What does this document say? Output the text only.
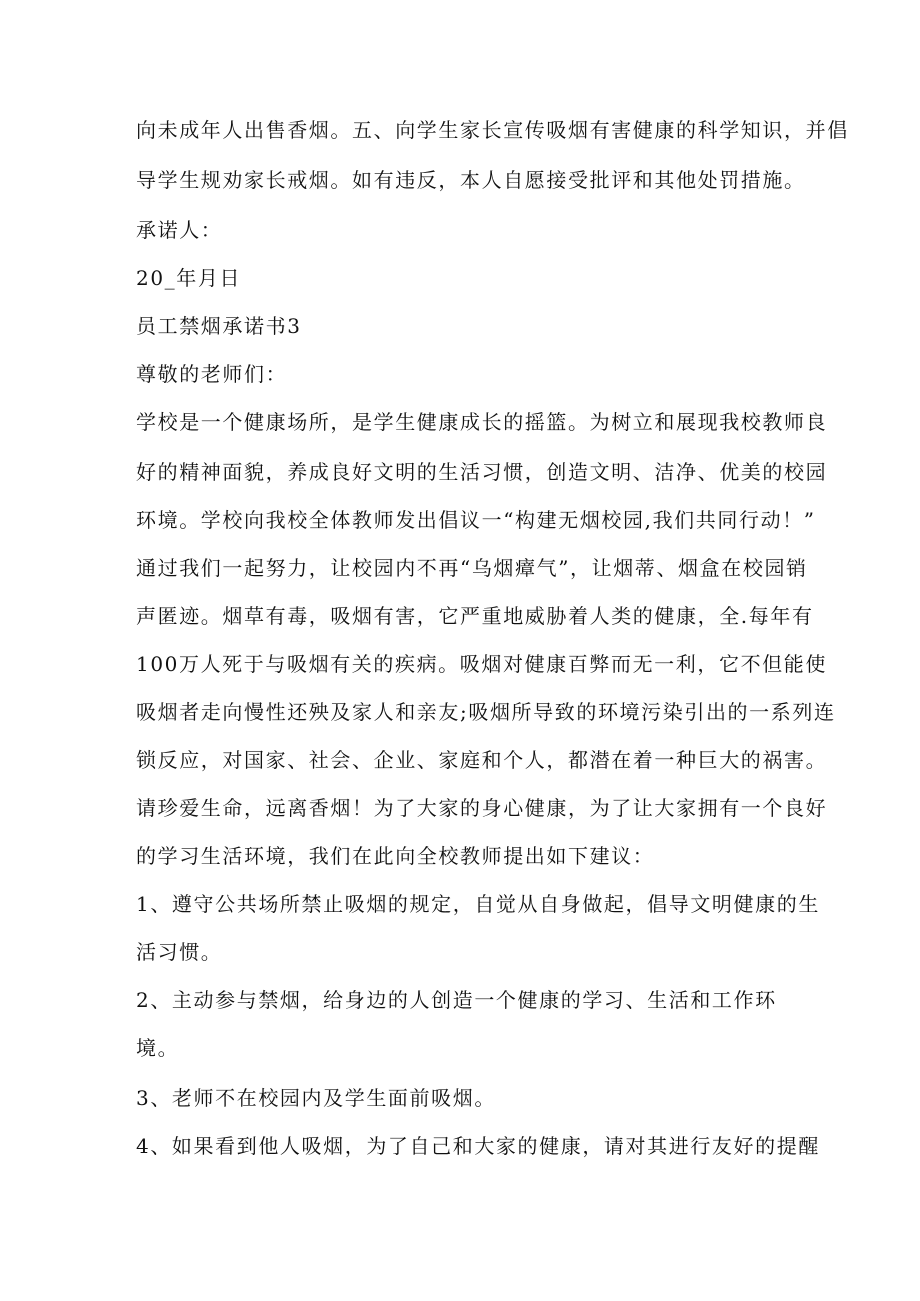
向未成年人出售香烟。五、向学生家长宣传吸烟有害健康的科学知识，并倡
导学生规劝家长戒烟。如有违反，本人自愿接受批评和其他处罚措施。
承诺人：
20_年月日
员工禁烟承诺书3
尊敬的老师们：
学校是一个健康场所，是学生健康成长的摇篮。为树立和展现我校教师良
好的精神面貌，养成良好文明的生活习惯，创造文明、洁净、优美的校园
环境。学校向我校全体教师发出倡议一“构建无烟校园,我们共同行动！”
通过我们一起努力，让校园内不再“乌烟瘴气”，让烟蒂、烟盒在校园销
声匿迹。烟草有毒，吸烟有害，它严重地威胁着人类的健康，全.每年有
100万人死于与吸烟有关的疾病。吸烟对健康百弊而无一利，它不但能使
吸烟者走向慢性还殃及家人和亲友;吸烟所导致的环境污染引出的一系列连
锁反应，对国家、社会、企业、家庭和个人，都潜在着一种巨大的祸害。
请珍爱生命，远离香烟！为了大家的身心健康，为了让大家拥有一个良好
的学习生活环境，我们在此向全校教师提出如下建议：
1、遵守公共场所禁止吸烟的规定，自觉从自身做起，倡导文明健康的生
活习惯。
2、主动参与禁烟，给身边的人创造一个健康的学习、生活和工作环
境。
3、老师不在校园内及学生面前吸烟。
4、如果看到他人吸烟，为了自己和大家的健康，请对其进行友好的提醒
